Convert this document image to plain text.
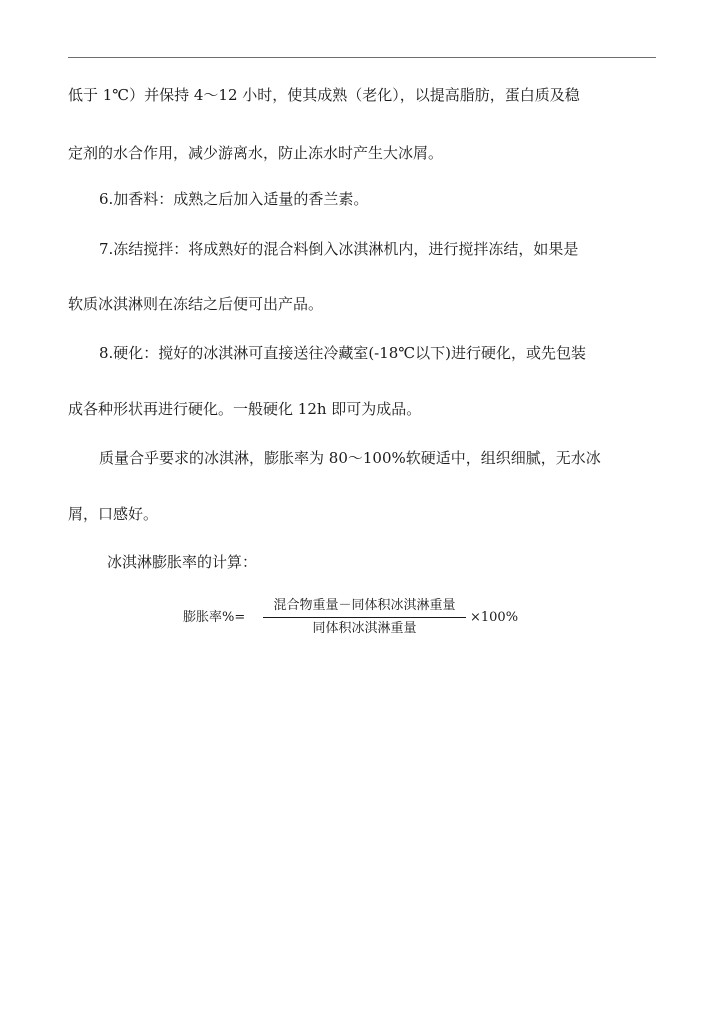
低于 1℃）并保持 4～12 小时，使其成熟（老化），以提高脂肪，蛋白质及稳
定剂的水合作用，减少游离水，防止冻水时产生大冰屑。
6.加香料：成熟之后加入适量的香兰素。
7.冻结搅拌：将成熟好的混合料倒入冰淇淋机内，进行搅拌冻结，如果是
软质冰淇淋则在冻结之后便可出产品。
8.硬化：搅好的冰淇淋可直接送往冷藏室(-18℃以下)进行硬化，或先包装
成各种形状再进行硬化。一般硬化 12h 即可为成品。
质量合乎要求的冰淇淋，膨胀率为 80～100%软硬适中，组织细腻，无水冰
屑，口感好。
冰淇淋膨胀率的计算：
膨胀率%=
混合物重量－同体积冰淇淋重量
同体积冰淇淋重量
×100%
